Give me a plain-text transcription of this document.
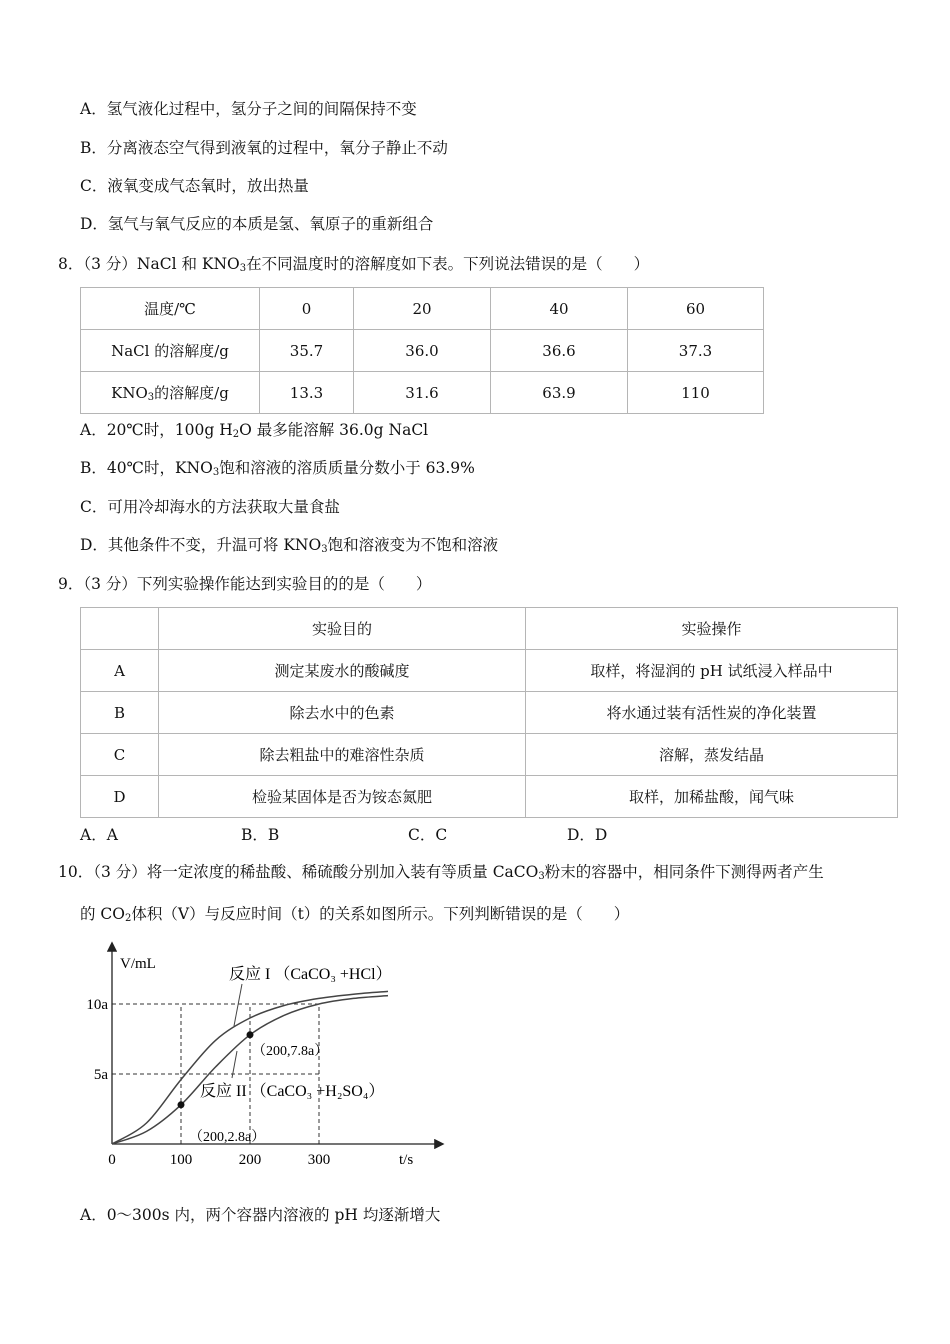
A．氢气液化过程中，氢分子之间的间隔保持不变
B．分离液态空气得到液氧的过程中，氧分子静止不动
C．液氧变成气态氧时，放出热量
D．氢气与氧气反应的本质是氢、氧原子的重新组合
8．（3 分）NaCl 和 $KNO_3$在不同温度时的溶解度如下表。下列说法错误的是（　　）
温度/℃	0	20	40	60
NaCl 的溶解度/g	35.7	36.0	36.6	37.3
$KNO_3$的溶解度/g	13.3	31.6	63.9	110
A．20℃时，100g $H_2O$ 最多能溶解 36.0g NaCl
B．40℃时，$KNO_3$饱和溶液的溶质质量分数小于 63.9%
C．可用冷却海水的方法获取大量食盐
D．其他条件不变，升温可将 $KNO_3$饱和溶液变为不饱和溶液
9．（3 分）下列实验操作能达到实验目的的是（　　）
	实验目的	实验操作
A	测定某废水的酸碱度	取样，将湿润的 pH 试纸浸入样品中
B	除去水中的色素	将水通过装有活性炭的净化装置
C	除去粗盐中的难溶性杂质	溶解，蒸发结晶
D	检验某固体是否为铵态氮肥	取样，加稀盐酸，闻气味
A．A	B．B	C．C	D．D
10．（3 分）将一定浓度的稀盐酸、稀硫酸分别加入装有等质量 CaCO$_3$粉末的容器中，相同条件下测得两者产生
的 $CO_2$体积（V）与反应时间（t）的关系如图所示。下列判断错误的是（　　）
V/mL
t/s
0	100	200	300
5a
10a
（200,2.8a）
（200,7.8a）
反应 I （CaCO₃ +HCl）
反应 II （CaCO₃ +H₂SO₄）
A．0～300s 内，两个容器内溶液的 pH 均逐渐增大
